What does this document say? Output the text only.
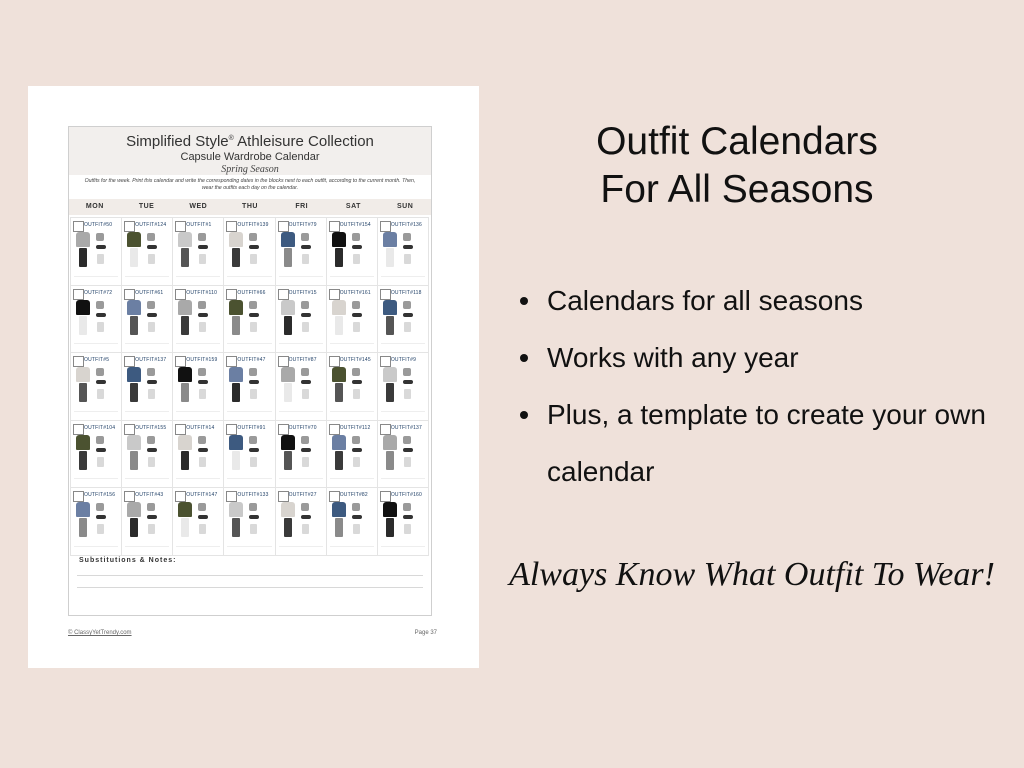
Simplified Style® Athleisure Collection
Capsule Wardrobe Calendar
Spring Season
Outfits for the week. Print this calendar and write the corresponding dates in the blocks next to each outfit, according to the current month. Then, wear the outfits each day on the calendar.
MON	TUE	WED	THU	FRI	SAT	SUN
OUTFIT#50	OUTFIT#124	OUTFIT#1	OUTFIT#139	OUTFIT#79	OUTFIT#154	OUTFIT#136
OUTFIT#72	OUTFIT#61	OUTFIT#110	OUTFIT#66	OUTFIT#15	OUTFIT#161	OUTFIT#118
OUTFIT#5	OUTFIT#137	OUTFIT#159	OUTFIT#47	OUTFIT#87	OUTFIT#145	OUTFIT#9
OUTFIT#104	OUTFIT#155	OUTFIT#14	OUTFIT#91	OUTFIT#70	OUTFIT#112	OUTFIT#137
OUTFIT#156	OUTFIT#43	OUTFIT#147	OUTFIT#133	OUTFIT#27	OUTFIT#82	OUTFIT#160
Substitutions & Notes:
© ClassyYetTrendy.com	Page 37
Outfit Calendars
For All Seasons
Calendars for all seasons
Works with any year
Plus, a template to create your own calendar
Always Know What Outfit To Wear!
